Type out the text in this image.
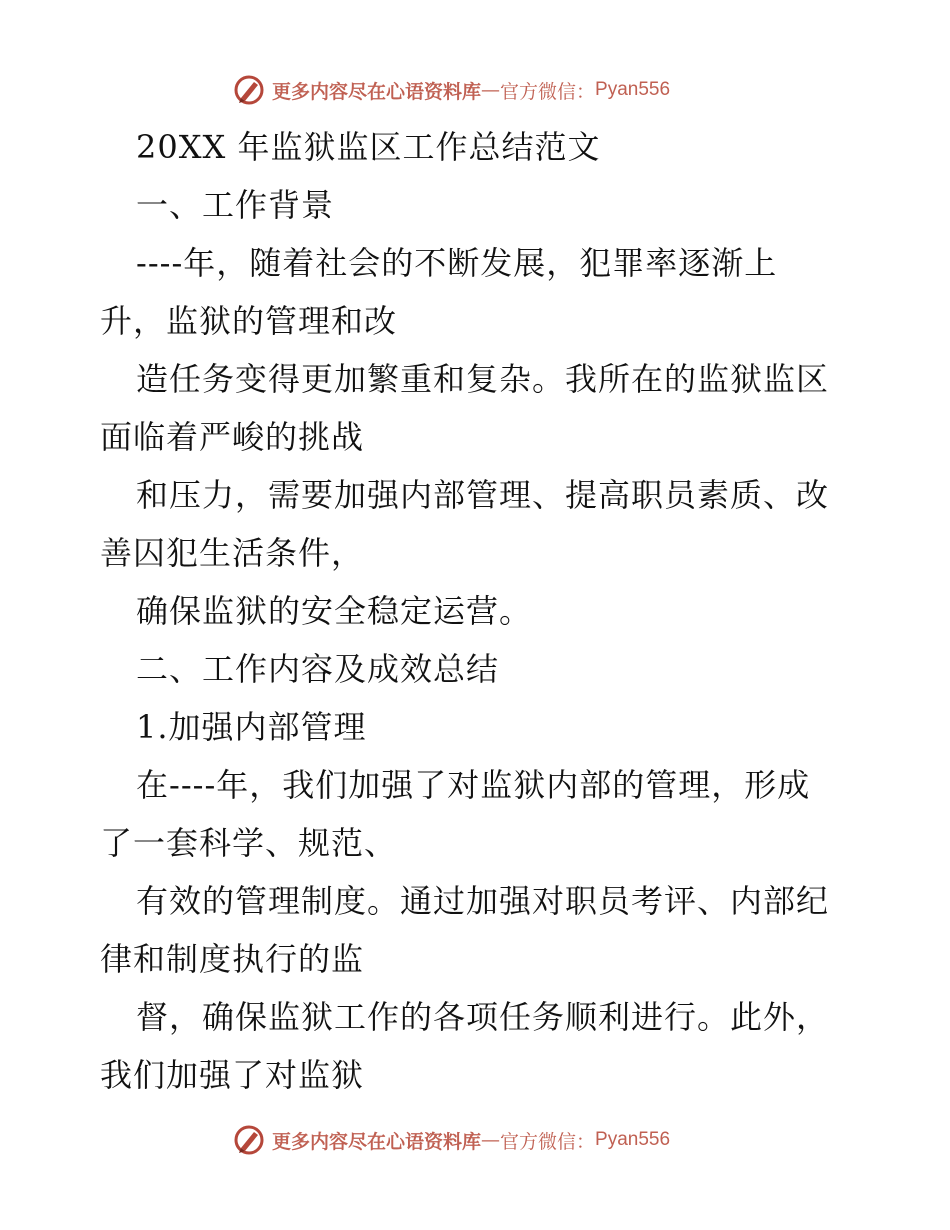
更多内容尽在心语资料库 — 官方微信： Pyan556
20XX 年监狱监区工作总结范文
一、工作背景
----年，随着社会的不断发展，犯罪率逐渐上
升，监狱的管理和改
造任务变得更加繁重和复杂。我所在的监狱监区
面临着严峻的挑战
和压力，需要加强内部管理、提高职员素质、改
善囚犯生活条件，
确保监狱的安全稳定运营。
二、工作内容及成效总结
1.加强内部管理
在----年，我们加强了对监狱内部的管理，形成
了一套科学、规范、
有效的管理制度。通过加强对职员考评、内部纪
律和制度执行的监
督，确保监狱工作的各项任务顺利进行。此外，
我们加强了对监狱
更多内容尽在心语资料库 — 官方微信： Pyan556
